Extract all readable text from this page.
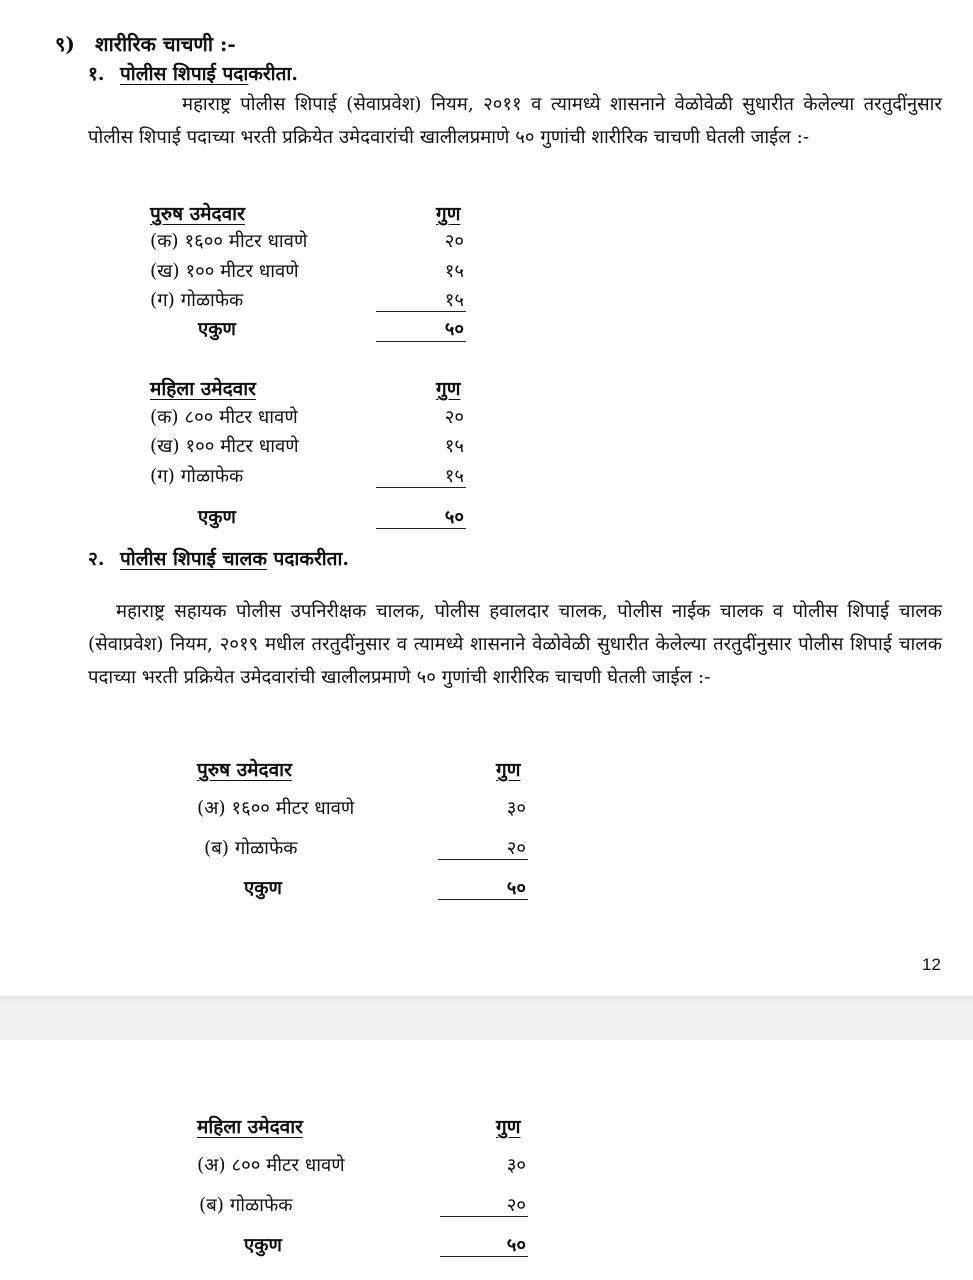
९) शारीरिक चाचणी :-
१. पोलीस शिपाई पदाकरीता.

महाराष्ट्र पोलीस शिपाई (सेवाप्रवेश) नियम, २०११ व त्यामध्ये शासनाने वेळोवेळी सुधारीत केलेल्या तरतुदींनुसार पोलीस शिपाई पदाच्या भरती प्रक्रियेत उमेदवारांची खालीलप्रमाणे ५० गुणांची शारीरिक चाचणी घेतली जाईल :-

पुरुष उमेदवार	गुण
(क) १६०० मीटर धावणे	२०
(ख) १०० मीटर धावणे	१५
(ग) गोळाफेक	१५
एकुण	५०
महिला उमेदवार	गुण
(क) ८०० मीटर धावणे	२०
(ख) १०० मीटर धावणे	१५
(ग) गोळाफेक	१५
एकुण	५०
२. पोलीस शिपाई चालक पदाकरीता.

महाराष्ट्र सहायक पोलीस उपनिरीक्षक चालक, पोलीस हवालदार चालक, पोलीस नाईक चालक व पोलीस शिपाई चालक (सेवाप्रवेश) नियम, २०१९ मधील तरतुदींनुसार व त्यामध्ये शासनाने वेळोवेळी सुधारीत केलेल्या तरतुदींनुसार पोलीस शिपाई चालक पदाच्या भरती प्रक्रियेत उमेदवारांची खालीलप्रमाणे ५० गुणांची शारीरिक चाचणी घेतली जाईल :-

पुरुष उमेदवार	गुण
(अ) १६०० मीटर धावणे	३०
(ब) गोळाफेक	२०
एकुण	५०
12
महिला उमेदवार	गुण
(अ) ८०० मीटर धावणे	३०
(ब) गोळाफेक	२०
एकुण	५०
